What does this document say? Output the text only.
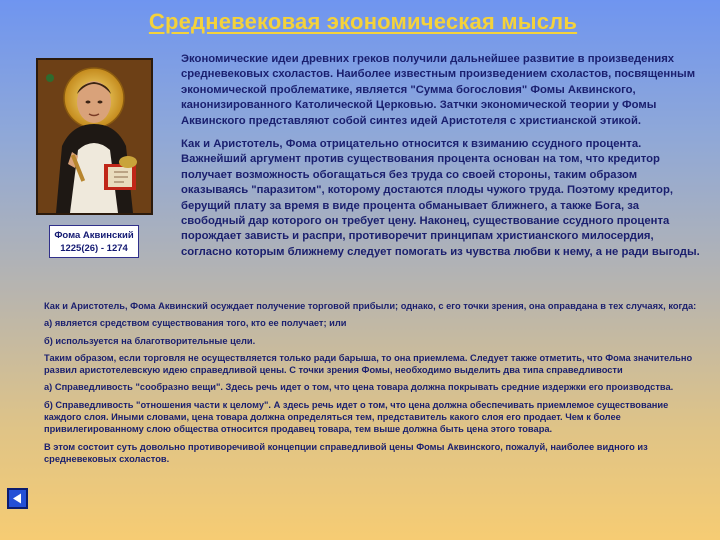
Средневековая экономическая мысль
Фома Аквинский
1225(26) - 1274

Экономические идеи древних греков получили дальнейшее развитие в произведениях средневековых схоластов. Наиболее известным произведением схоластов, посвященным экономической проблематике, является "Сумма богословия" Фомы Аквинского, канонизированного Католической Церковью. Затчки экономической теории у Фомы Аквинского представляют собой синтез идей Аристотеля с христианской этикой.

Как и Аристотель, Фома отрицательно относится к взиманию ссудного процента. Важнейший аргумент против существования процента основан на том, что кредитор получает возможность обогащаться без труда со своей стороны, таким образом оказываясь "паразитом", которому достаются плоды чужого труда. Поэтому кредитор, берущий плату за время в виде процента обманывает ближнего, а также Бога, за свободный дар которого он требует цену. Наконец, существование ссудного процента порождает зависть и распри, противоречит принципам христианского милосердия, согласно которым ближнему следует помогать из чувства любви к нему, а не ради выгоды.

Как и Аристотель, Фома Аквинский осуждает получение торговой прибыли; однако, с его точки зрения, она оправдана в тех случаях, когда:

а) является средством существования того, кто ее получает; или

б) используется на благотворительные цели.

Таким образом, если торговля не осуществляется только ради барыша, то она приемлема. Следует также отметить, что Фома значительно развил аристотелевскую идею справедливой цены. С точки зрения Фомы, необходимо выделить два типа справедливости

а) Справедливость "сообразно вещи". Здесь речь идет о том, что цена товара должна покрывать средние издержки его производства.

б) Справедливость "отношения части к целому". А здесь речь идет о том, что цена должна обеспечивать приемлемое существование каждого слоя. Иными словами, цена товара должна определяться тем, представитель какого слоя его продает. Чем к более привилегированному слою общества относится продавец товара, тем выше должна быть цена этого товара.

В этом состоит суть довольно противоречивой концепции справедливой цены Фомы Аквинского, пожалуй, наиболее видного из средневековых схоластов.
